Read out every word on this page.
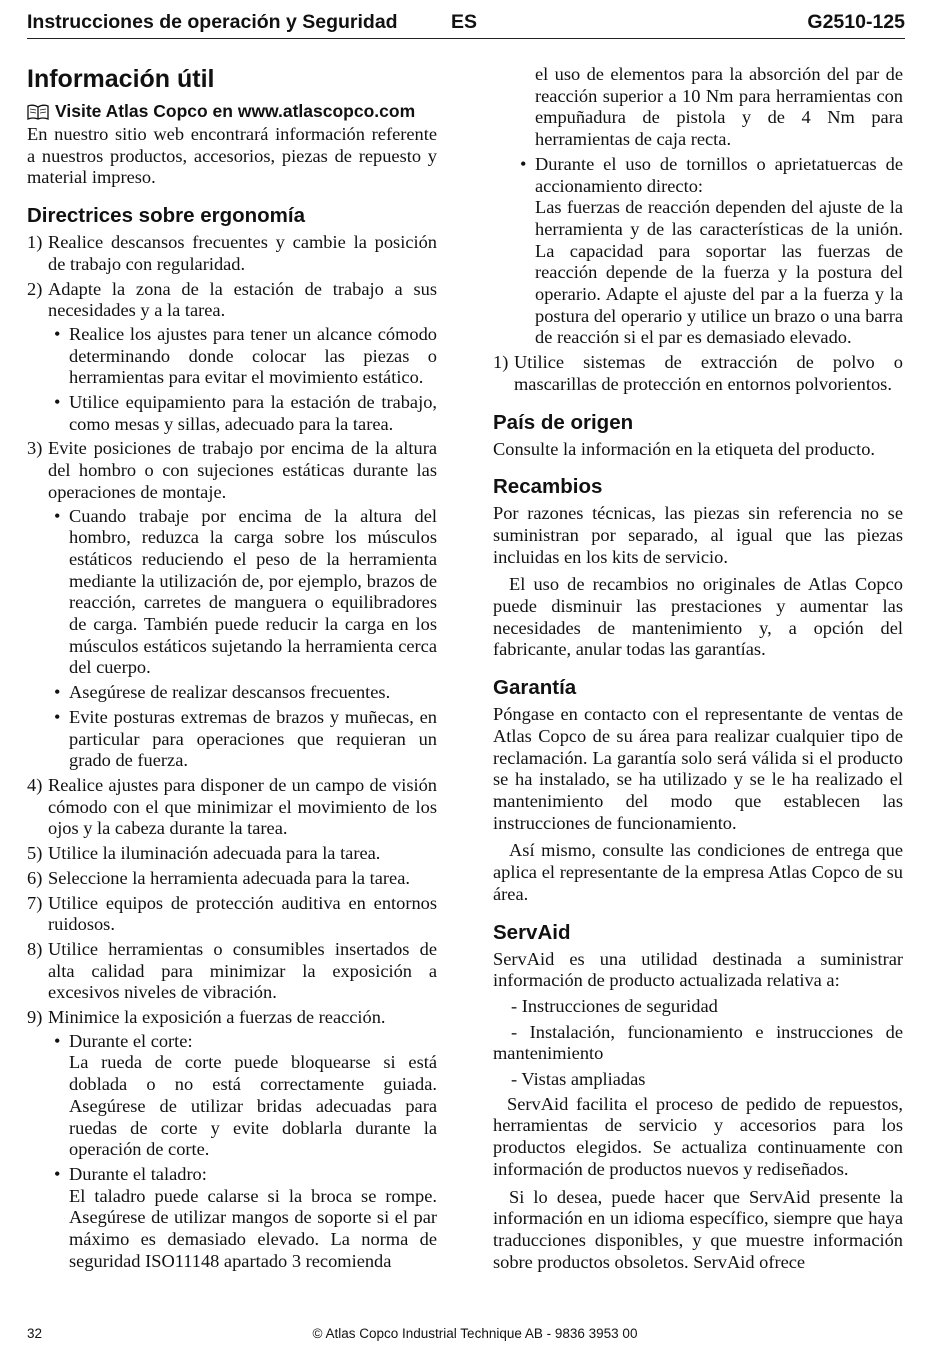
Instrucciones de operación y Seguridad	ES	G2510-125
Información útil
Visite Atlas Copco en www.atlascopco.com

En nuestro sitio web encontrará información referente a nuestros productos, accesorios, piezas de repuesto y material impreso.

Directrices sobre ergonomía
1) Realice descansos frecuentes y cambie la posición de trabajo con regularidad.
2) Adapte la zona de la estación de trabajo a sus necesidades y a la tarea.
• Realice los ajustes para tener un alcance cómodo determinando donde colocar las piezas o herramientas para evitar el movimiento estático.
• Utilice equipamiento para la estación de trabajo, como mesas y sillas, adecuado para la tarea.
3) Evite posiciones de trabajo por encima de la altura del hombro o con sujeciones estáticas durante las operaciones de montaje.
• Cuando trabaje por encima de la altura del hombro, reduzca la carga sobre los músculos estáticos reduciendo el peso de la herramienta mediante la utilización de, por ejemplo, brazos de reacción, carretes de manguera o equilibradores de carga. También puede reducir la carga en los músculos estáticos sujetando la herramienta cerca del cuerpo.
• Asegúrese de realizar descansos frecuentes.
• Evite posturas extremas de brazos y muñecas, en particular para operaciones que requieran un grado de fuerza.
4) Realice ajustes para disponer de un campo de visión cómodo con el que minimizar el movimiento de los ojos y la cabeza durante la tarea.
5) Utilice la iluminación adecuada para la tarea.
6) Seleccione la herramienta adecuada para la tarea.
7) Utilice equipos de protección auditiva en entornos ruidosos.
8) Utilice herramientas o consumibles insertados de alta calidad para minimizar la exposición a excesivos niveles de vibración.
9) Minimice la exposición a fuerzas de reacción.
• Durante el corte:
La rueda de corte puede bloquearse si está doblada o no está correctamente guiada. Asegúrese de utilizar bridas adecuadas para ruedas de corte y evite doblarla durante la operación de corte.
• Durante el taladro:
El taladro puede calarse si la broca se rompe. Asegúrese de utilizar mangos de soporte si el par máximo es demasiado elevado. La norma de seguridad ISO11148 apartado 3 recomienda
el uso de elementos para la absorción del par de reacción superior a 10 Nm para herramientas con empuñadura de pistola y de 4 Nm para herramientas de caja recta.
• Durante el uso de tornillos o aprietatuercas de accionamiento directo:
Las fuerzas de reacción dependen del ajuste de la herramienta y de las características de la unión. La capacidad para soportar las fuerzas de reacción depende de la fuerza y la postura del operario. Adapte el ajuste del par a la fuerza y la postura del operario y utilice un brazo o una barra de reacción si el par es demasiado elevado.
1) Utilice sistemas de extracción de polvo o mascarillas de protección en entornos polvorientos.
País de origen

Consulte la información en la etiqueta del producto.

Recambios

Por razones técnicas, las piezas sin referencia no se suministran por separado, al igual que las piezas incluidas en los kits de servicio.

El uso de recambios no originales de Atlas Copco puede disminuir las prestaciones y aumentar las necesidades de mantenimiento y, a opción del fabricante, anular todas las garantías.

Garantía

Póngase en contacto con el representante de ventas de Atlas Copco de su área para realizar cualquier tipo de reclamación. La garantía solo será válida si el producto se ha instalado, se ha utilizado y se le ha realizado el mantenimiento del modo que establecen las instrucciones de funcionamiento.

Así mismo, consulte las condiciones de entrega que aplica el representante de la empresa Atlas Copco de su área.

ServAid

ServAid es una utilidad destinada a suministrar información de producto actualizada relativa a:

- Instrucciones de seguridad

- Instalación, funcionamiento e instrucciones de mantenimiento

- Vistas ampliadas

ServAid facilita el proceso de pedido de repuestos, herramientas de servicio y accesorios para los productos elegidos. Se actualiza continuamente con información de productos nuevos y rediseñados.

Si lo desea, puede hacer que ServAid presente la información en un idioma específico, siempre que haya traducciones disponibles, y que muestre información sobre productos obsoletos. ServAid ofrece

32	© Atlas Copco Industrial Technique AB - 9836 3953 00
